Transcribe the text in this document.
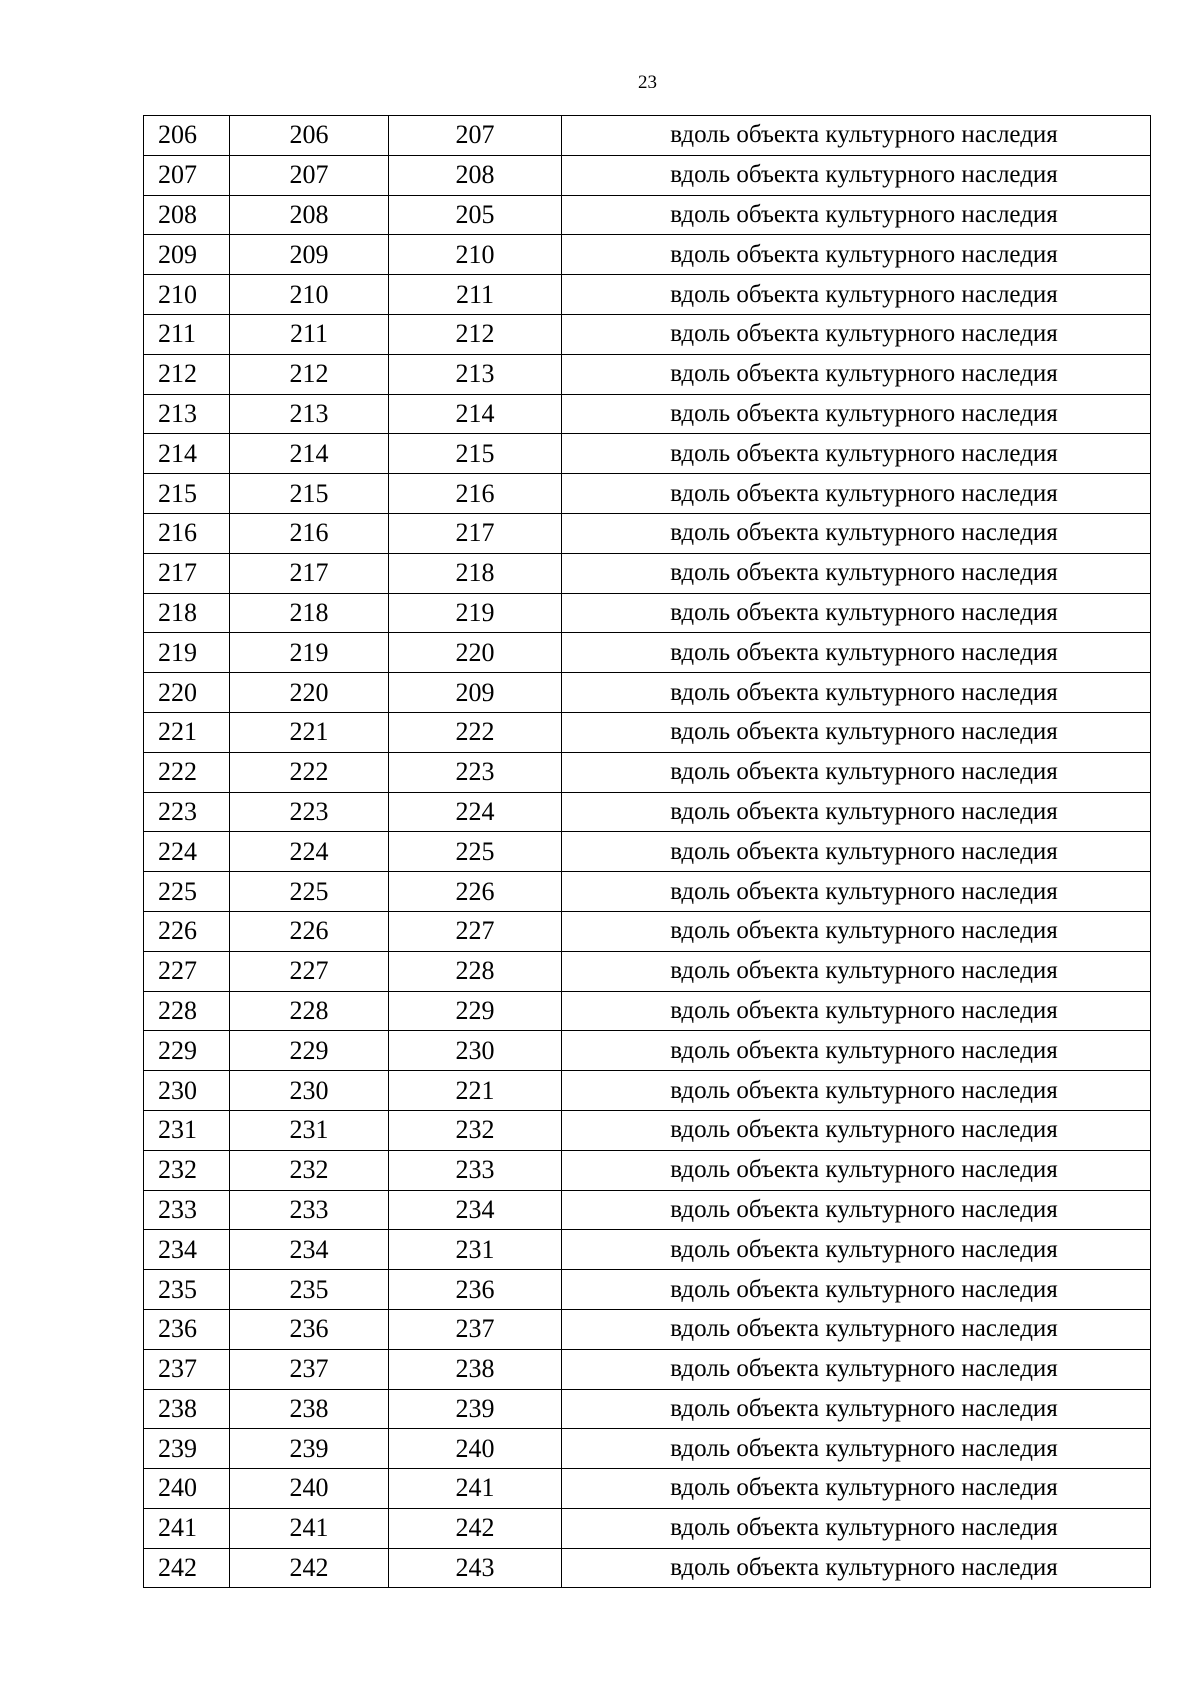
23
206	206	207	вдоль объекта культурного наследия
207	207	208	вдоль объекта культурного наследия
208	208	205	вдоль объекта культурного наследия
209	209	210	вдоль объекта культурного наследия
210	210	211	вдоль объекта культурного наследия
211	211	212	вдоль объекта культурного наследия
212	212	213	вдоль объекта культурного наследия
213	213	214	вдоль объекта культурного наследия
214	214	215	вдоль объекта культурного наследия
215	215	216	вдоль объекта культурного наследия
216	216	217	вдоль объекта культурного наследия
217	217	218	вдоль объекта культурного наследия
218	218	219	вдоль объекта культурного наследия
219	219	220	вдоль объекта культурного наследия
220	220	209	вдоль объекта культурного наследия
221	221	222	вдоль объекта культурного наследия
222	222	223	вдоль объекта культурного наследия
223	223	224	вдоль объекта культурного наследия
224	224	225	вдоль объекта культурного наследия
225	225	226	вдоль объекта культурного наследия
226	226	227	вдоль объекта культурного наследия
227	227	228	вдоль объекта культурного наследия
228	228	229	вдоль объекта культурного наследия
229	229	230	вдоль объекта культурного наследия
230	230	221	вдоль объекта культурного наследия
231	231	232	вдоль объекта культурного наследия
232	232	233	вдоль объекта культурного наследия
233	233	234	вдоль объекта культурного наследия
234	234	231	вдоль объекта культурного наследия
235	235	236	вдоль объекта культурного наследия
236	236	237	вдоль объекта культурного наследия
237	237	238	вдоль объекта культурного наследия
238	238	239	вдоль объекта культурного наследия
239	239	240	вдоль объекта культурного наследия
240	240	241	вдоль объекта культурного наследия
241	241	242	вдоль объекта культурного наследия
242	242	243	вдоль объекта культурного наследия
